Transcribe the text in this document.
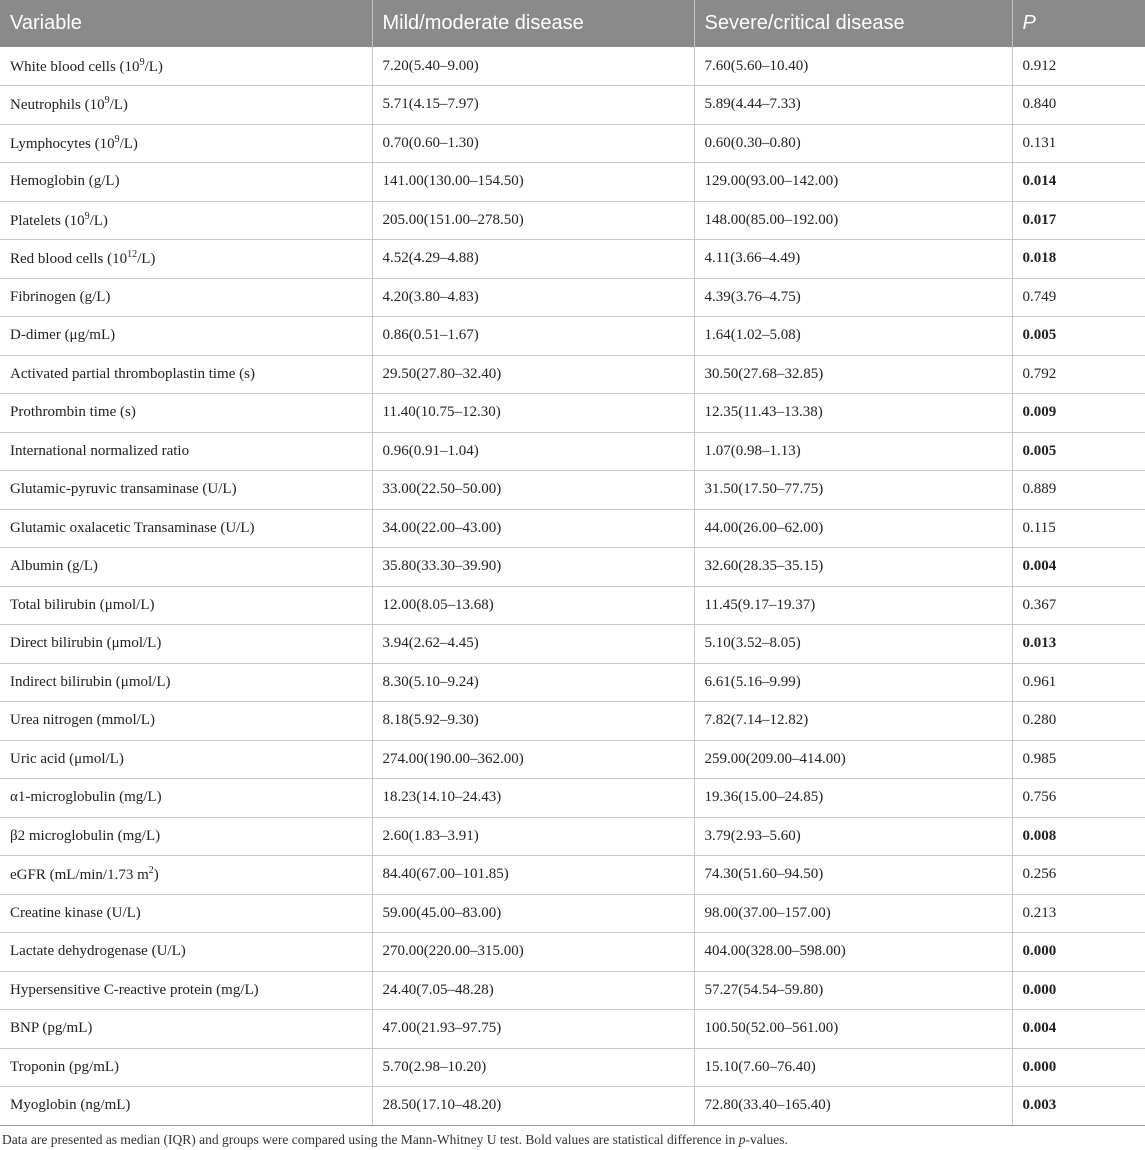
Variable	Mild/moderate disease	Severe/critical disease	P
White blood cells $(10^9/L)$	7.20(5.40–9.00)	7.60(5.60–10.40)	0.912
Neutrophils $(10^9/L)$	5.71(4.15–7.97)	5.89(4.44–7.33)	0.840
Lymphocytes $(10^9/L)$	0.70(0.60–1.30)	0.60(0.30–0.80)	0.131
Hemoglobin (g/L)	141.00(130.00–154.50)	129.00(93.00–142.00)	0.014
Platelets $(10^9/L)$	205.00(151.00–278.50)	148.00(85.00–192.00)	0.017
Red blood cells $(10^{12}/L)$	4.52(4.29–4.88)	4.11(3.66–4.49)	0.018
Fibrinogen (g/L)	4.20(3.80–4.83)	4.39(3.76–4.75)	0.749
D-dimer (μg/mL)	0.86(0.51–1.67)	1.64(1.02–5.08)	0.005
Activated partial thromboplastin time (s)	29.50(27.80–32.40)	30.50(27.68–32.85)	0.792
Prothrombin time (s)	11.40(10.75–12.30)	12.35(11.43–13.38)	0.009
International normalized ratio	0.96(0.91–1.04)	1.07(0.98–1.13)	0.005
Glutamic-pyruvic transaminase (U/L)	33.00(22.50–50.00)	31.50(17.50–77.75)	0.889
Glutamic oxalacetic Transaminase (U/L)	34.00(22.00–43.00)	44.00(26.00–62.00)	0.115
Albumin (g/L)	35.80(33.30–39.90)	32.60(28.35–35.15)	0.004
Total bilirubin (μmol/L)	12.00(8.05–13.68)	11.45(9.17–19.37)	0.367
Direct bilirubin (μmol/L)	3.94(2.62–4.45)	5.10(3.52–8.05)	0.013
Indirect bilirubin (μmol/L)	8.30(5.10–9.24)	6.61(5.16–9.99)	0.961
Urea nitrogen (mmol/L)	8.18(5.92–9.30)	7.82(7.14–12.82)	0.280
Uric acid (μmol/L)	274.00(190.00–362.00)	259.00(209.00–414.00)	0.985
α1-microglobulin (mg/L)	18.23(14.10–24.43)	19.36(15.00–24.85)	0.756
β2 microglobulin (mg/L)	2.60(1.83–3.91)	3.79(2.93–5.60)	0.008
eGFR (mL/min/1.73 $m^2$)	84.40(67.00–101.85)	74.30(51.60–94.50)	0.256
Creatine kinase (U/L)	59.00(45.00–83.00)	98.00(37.00–157.00)	0.213
Lactate dehydrogenase (U/L)	270.00(220.00–315.00)	404.00(328.00–598.00)	0.000
Hypersensitive C-reactive protein (mg/L)	24.40(7.05–48.28)	57.27(54.54–59.80)	0.000
BNP (pg/mL)	47.00(21.93–97.75)	100.50(52.00–561.00)	0.004
Troponin (pg/mL)	5.70(2.98–10.20)	15.10(7.60–76.40)	0.000
Myoglobin (ng/mL)	28.50(17.10–48.20)	72.80(33.40–165.40)	0.003
Data are presented as median (IQR) and groups were compared using the Mann-Whitney U test. Bold values are statistical difference in p-values.
